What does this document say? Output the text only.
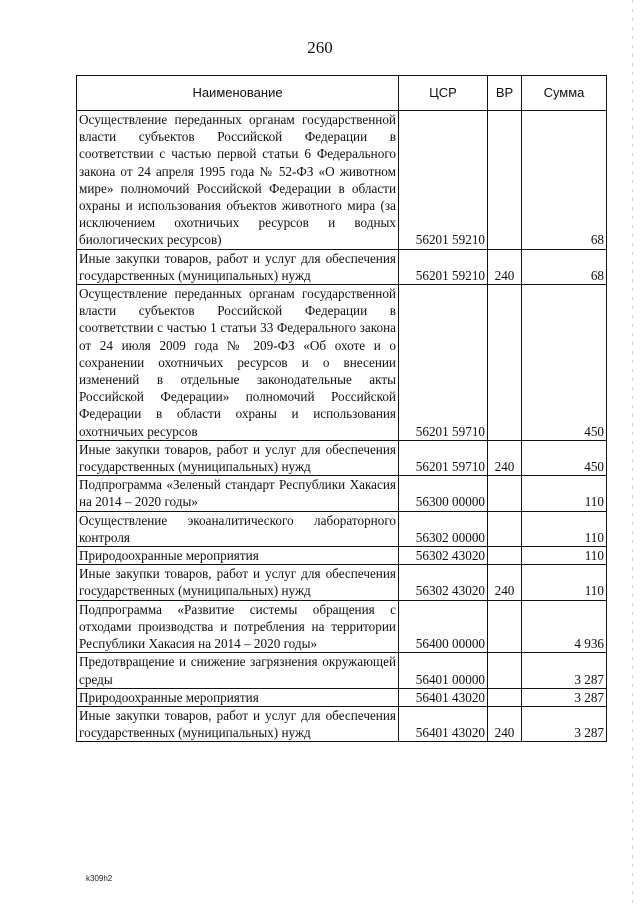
260
Наименование	ЦСР	ВР	Сумма
Осуществление переданных органам государственной власти субъектов Российской Федерации в соответствии с частью первой статьи 6 Федерального закона от 24 апреля 1995 года № 52-ФЗ «О животном мире» полномочий Российской Федерации в области охраны и использования объектов животного мира (за исключением охотничьих ресурсов и водных биологических ресурсов)	56201 59210		68
Иные закупки товаров, работ и услуг для обеспечения государственных (муниципальных) нужд	56201 59210	240	68
Осуществление переданных органам государственной власти субъектов Российской Федерации в соответствии с частью 1 статьи 33 Федерального закона от 24 июля 2009 года № 209-ФЗ «Об охоте и о сохранении охотничьих ресурсов и о внесении изменений в отдельные законодательные акты Российской Федерации» полномочий Российской Федерации в области охраны и использования охотничьих ресурсов	56201 59710		450
Иные закупки товаров, работ и услуг для обеспечения государственных (муниципальных) нужд	56201 59710	240	450
Подпрограмма «Зеленый стандарт Республики Хакасия на 2014 – 2020 годы»	56300 00000		110
Осуществление экоаналитического лабораторного контроля	56302 00000		110
Природоохранные мероприятия	56302 43020		110
Иные закупки товаров, работ и услуг для обеспечения государственных (муниципальных) нужд	56302 43020	240	110
Подпрограмма «Развитие системы обращения с отходами производства и потребления на территории Республики Хакасия на 2014 – 2020 годы»	56400 00000		4 936
Предотвращение и снижение загрязнения окружающей среды	56401 00000		3 287
Природоохранные мероприятия	56401 43020		3 287
Иные закупки товаров, работ и услуг для обеспечения государственных (муниципальных) нужд	56401 43020	240	3 287
k309h2
